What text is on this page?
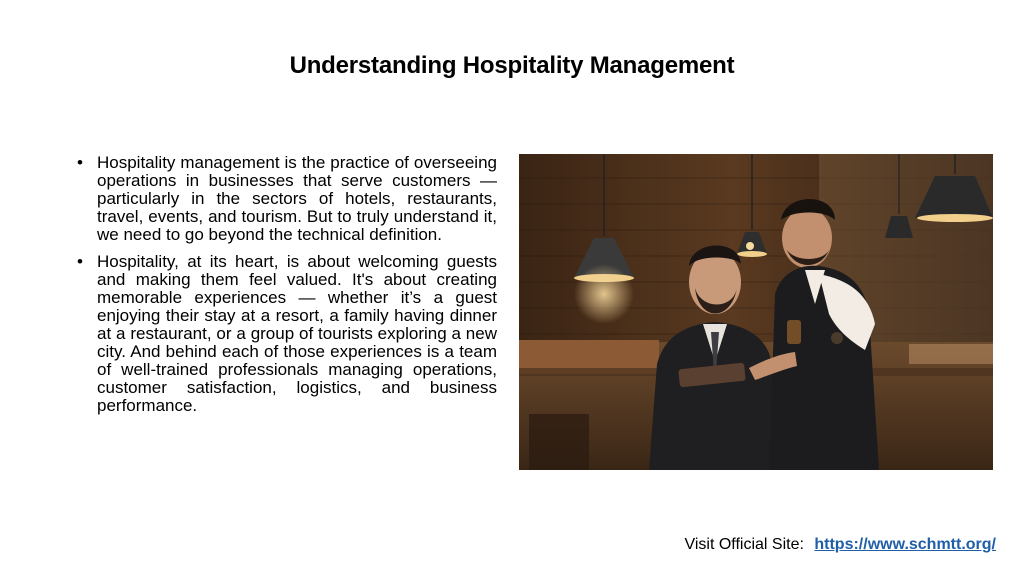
Understanding Hospitality Management
• Hospitality management is the practice of overseeing operations in businesses that serve customers — particularly in the sectors of hotels, restaurants, travel, events, and tourism. But to truly understand it, we need to go beyond the technical definition.
• Hospitality, at its heart, is about welcoming guests and making them feel valued. It's about creating memorable experiences — whether it’s a guest enjoying their stay at a resort, a family having dinner at a restaurant, or a group of tourists exploring a new city. And behind each of those experiences is a team of well-trained professionals managing operations, customer satisfaction, logistics, and business performance.
Visit Official Site: https://www.schmtt.org/
